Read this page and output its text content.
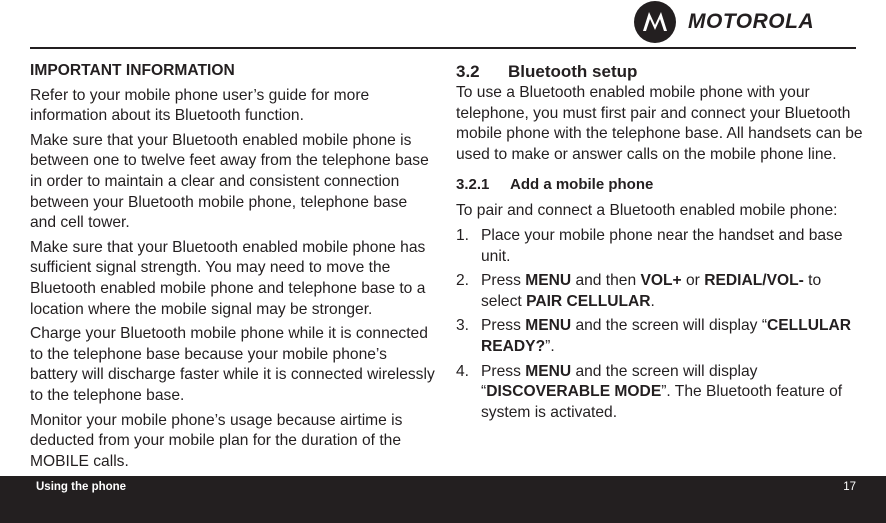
MOTOROLA
IMPORTANT INFORMATION

Refer to your mobile phone user’s guide for more information about its Bluetooth function.

Make sure that your Bluetooth enabled mobile phone is between one to twelve feet away from the telephone base in order to maintain a clear and consistent connection between your Bluetooth mobile phone, telephone base and cell tower.

Make sure that your Bluetooth enabled mobile phone has sufficient signal strength. You may need to move the Bluetooth enabled mobile phone and telephone base to a location where the mobile signal may be stronger.

Charge your Bluetooth mobile phone while it is connected to the telephone base because your mobile phone’s battery will discharge faster while it is connected wirelessly to the telephone base.

Monitor your mobile phone’s usage because airtime is deducted from your mobile plan for the duration of the MOBILE calls.

3.2	Bluetooth setup

To use a Bluetooth enabled mobile phone with your telephone, you must first pair and connect your Bluetooth mobile phone with the telephone base. All handsets can be used to make or answer calls on the mobile phone line.

3.2.1	Add a mobile phone

To pair and connect a Bluetooth enabled mobile phone:

1. Place your mobile phone near the handset and base unit.
2. Press MENU and then VOL+ or REDIAL/VOL- to select PAIR CELLULAR.
3. Press MENU and the screen will display “CELLULAR READY?”.
4. Press MENU and the screen will display “DISCOVERABLE MODE”. The Bluetooth feature of system is activated.
Using the phone	17
